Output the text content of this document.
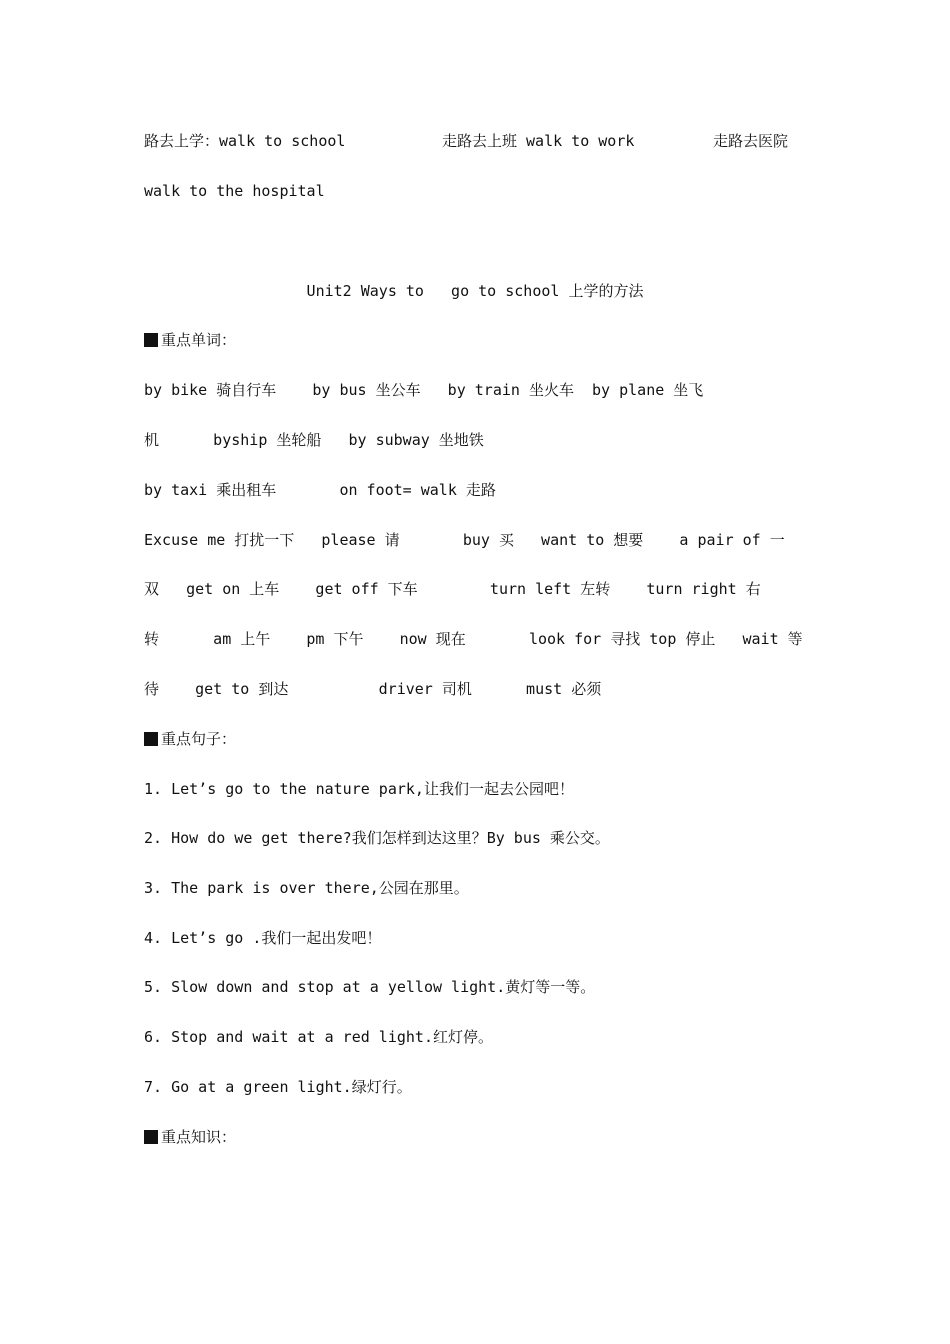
路去上学：walk to school	走路去上班 walk to work	走路去医院
walk to the hospital
Unit2 Ways to   go to school 上学的方法
重点单词：
by bike 骑自行车    by bus 坐公车   by train 坐火车  by plane 坐飞
机      byship 坐轮船   by subway 坐地铁
by taxi 乘出租车       on foot= walk 走路
Excuse me 打扰一下   please 请       buy 买   want to 想要    a pair of 一
双   get on 上车    get off 下车        turn left 左转    turn right 右
转      am 上午    pm 下午    now 现在       look for 寻找 top 停止   wait 等
待    get to 到达          driver 司机      must 必须
重点句子：
1. Let’s go to the nature park,让我们一起去公园吧！
2. How do we get there?我们怎样到达这里？By bus 乘公交。
3. The park is over there,公园在那里。
4. Let’s go .我们一起出发吧！
5. Slow down and stop at a yellow light.黄灯等一等。
6. Stop and wait at a red light.红灯停。
7. Go at a green light.绿灯行。
重点知识：
